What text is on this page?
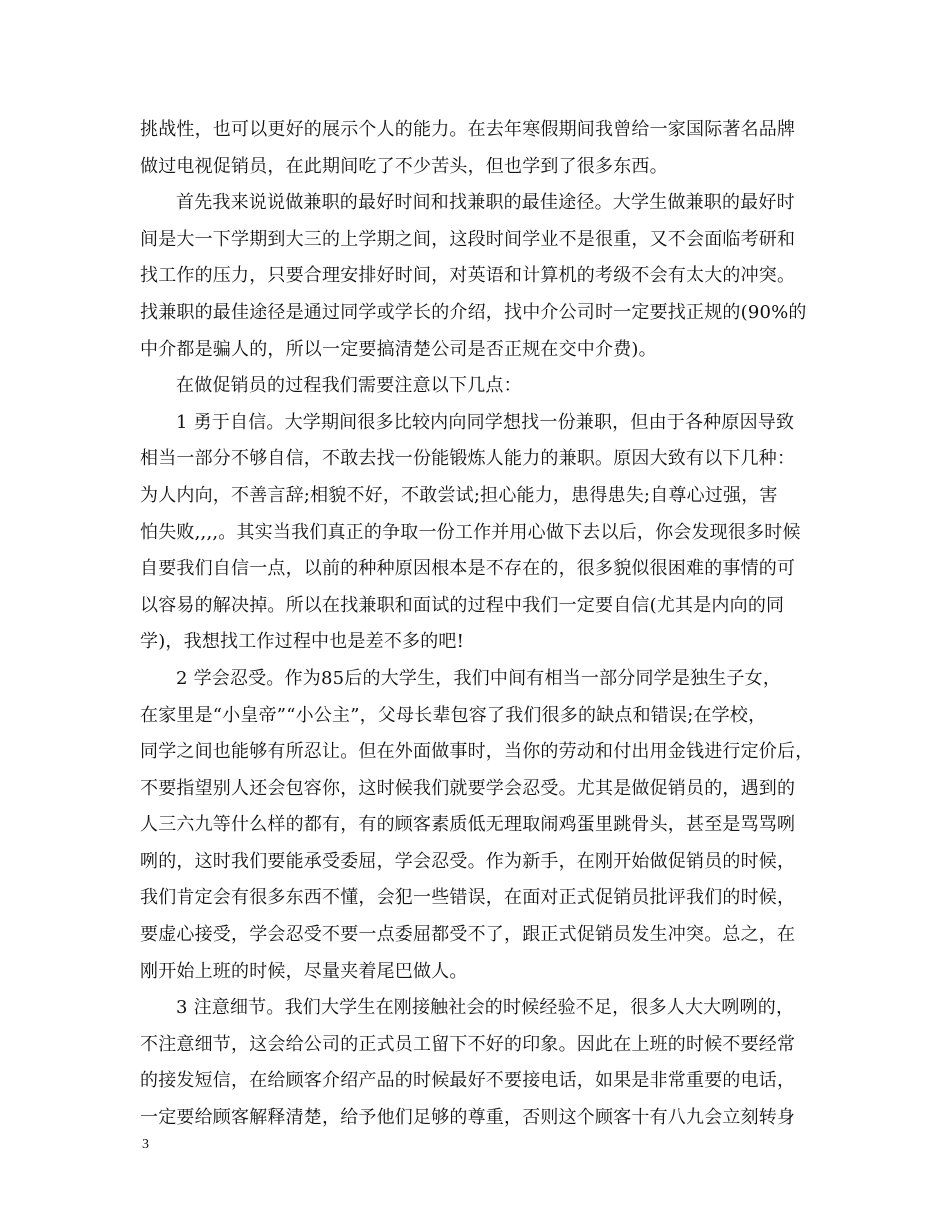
挑战性，也可以更好的展示个人的能力。在去年寒假期间我曾给一家国际著名品牌
做过电视促销员，在此期间吃了不少苦头，但也学到了很多东西。
首先我来说说做兼职的最好时间和找兼职的最佳途径。大学生做兼职的最好时
间是大一下学期到大三的上学期之间，这段时间学业不是很重，又不会面临考研和
找工作的压力，只要合理安排好时间，对英语和计算机的考级不会有太大的冲突。
找兼职的最佳途径是通过同学或学长的介绍，找中介公司时一定要找正规的(90%的
中介都是骗人的，所以一定要搞清楚公司是否正规在交中介费)。
在做促销员的过程我们需要注意以下几点：
1 勇于自信。大学期间很多比较内向同学想找一份兼职，但由于各种原因导致
相当一部分不够自信，不敢去找一份能锻炼人能力的兼职。原因大致有以下几种：
为人内向，不善言辞;相貌不好，不敢尝试;担心能力，患得患失;自尊心过强，害
怕失败,,,,。其实当我们真正的争取一份工作并用心做下去以后，你会发现很多时候
自要我们自信一点，以前的种种原因根本是不存在的，很多貌似很困难的事情的可
以容易的解决掉。所以在找兼职和面试的过程中我们一定要自信(尤其是内向的同
学)，我想找工作过程中也是差不多的吧!
2 学会忍受。作为85后的大学生，我们中间有相当一部分同学是独生子女，
在家里是“小皇帝”“小公主”，父母长辈包容了我们很多的缺点和错误;在学校，
同学之间也能够有所忍让。但在外面做事时，当你的劳动和付出用金钱进行定价后，
不要指望别人还会包容你，这时候我们就要学会忍受。尤其是做促销员的，遇到的
人三六九等什么样的都有，有的顾客素质低无理取闹鸡蛋里跳骨头，甚至是骂骂咧
咧的，这时我们要能承受委屈，学会忍受。作为新手，在刚开始做促销员的时候，
我们肯定会有很多东西不懂，会犯一些错误，在面对正式促销员批评我们的时候，
要虚心接受，学会忍受不要一点委屈都受不了，跟正式促销员发生冲突。总之，在
刚开始上班的时候，尽量夹着尾巴做人。
3 注意细节。我们大学生在刚接触社会的时候经验不足，很多人大大咧咧的，
不注意细节，这会给公司的正式员工留下不好的印象。因此在上班的时候不要经常
的接发短信，在给顾客介绍产品的时候最好不要接电话，如果是非常重要的电话，
一定要给顾客解释清楚，给予他们足够的尊重，否则这个顾客十有八九会立刻转身
3
